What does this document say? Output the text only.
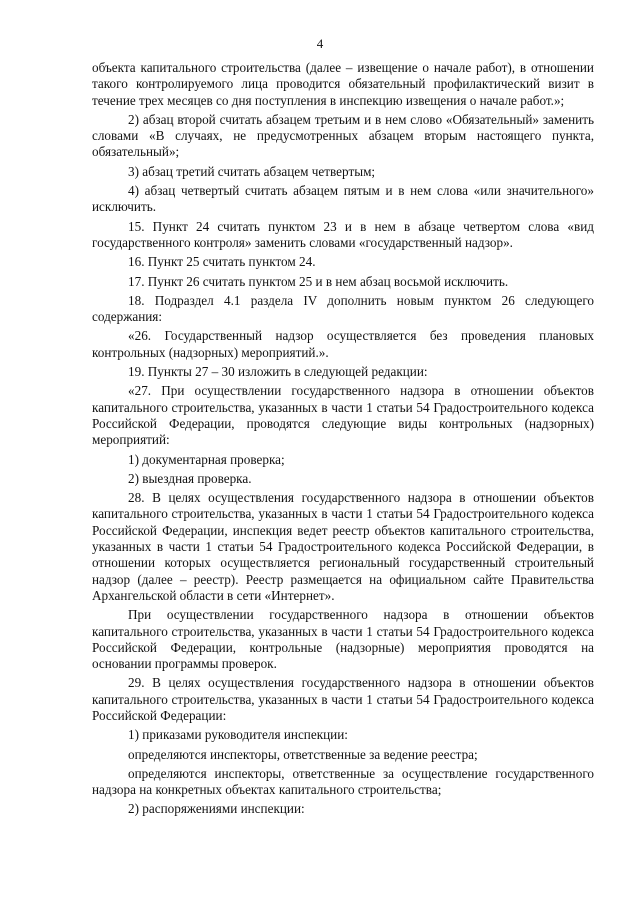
4

объекта капитального строительства (далее – извещение о начале работ), в отношении такого контролируемого лица проводится обязательный профилактический визит в течение трех месяцев со дня поступления в инспекцию извещения о начале работ.»;

2) абзац второй считать абзацем третьим и в нем слово «Обязательный» заменить словами «В случаях, не предусмотренных абзацем вторым настоящего пункта, обязательный»;

3) абзац третий считать абзацем четвертым;

4) абзац четвертый считать абзацем пятым и в нем слова «или значительного» исключить.

15. Пункт 24 считать пунктом 23 и в нем в абзаце четвертом слова «вид государственного контроля» заменить словами «государственный надзор».

16. Пункт 25 считать пунктом 24.

17. Пункт 26 считать пунктом 25 и в нем абзац восьмой исключить.

18. Подраздел 4.1 раздела IV дополнить новым пунктом 26 следующего содержания:

«26. Государственный надзор осуществляется без проведения плановых контрольных (надзорных) мероприятий.».

19. Пункты 27 – 30 изложить в следующей редакции:

«27. При осуществлении государственного надзора в отношении объектов капитального строительства, указанных в части 1 статьи 54 Градостроительного кодекса Российской Федерации, проводятся следующие виды контрольных (надзорных) мероприятий:

1) документарная проверка;

2) выездная проверка.

28. В целях осуществления государственного надзора в отношении объектов капитального строительства, указанных в части 1 статьи 54 Градостроительного кодекса Российской Федерации, инспекция ведет реестр объектов капитального строительства, указанных в части 1 статьи 54 Градостроительного кодекса Российской Федерации, в отношении которых осуществляется региональный государственный строительный надзор (далее – реестр). Реестр размещается на официальном сайте Правительства Архангельской области в сети «Интернет».

При осуществлении государственного надзора в отношении объектов капитального строительства, указанных в части 1 статьи 54 Градостроительного кодекса Российской Федерации, контрольные (надзорные) мероприятия проводятся на основании программы проверок.

29. В целях осуществления государственного надзора в отношении объектов капитального строительства, указанных в части 1 статьи 54 Градостроительного кодекса Российской Федерации:

1) приказами руководителя инспекции:

определяются инспекторы, ответственные за ведение реестра;

определяются инспекторы, ответственные за осуществление государственного надзора на конкретных объектах капитального строительства;

2) распоряжениями инспекции:
